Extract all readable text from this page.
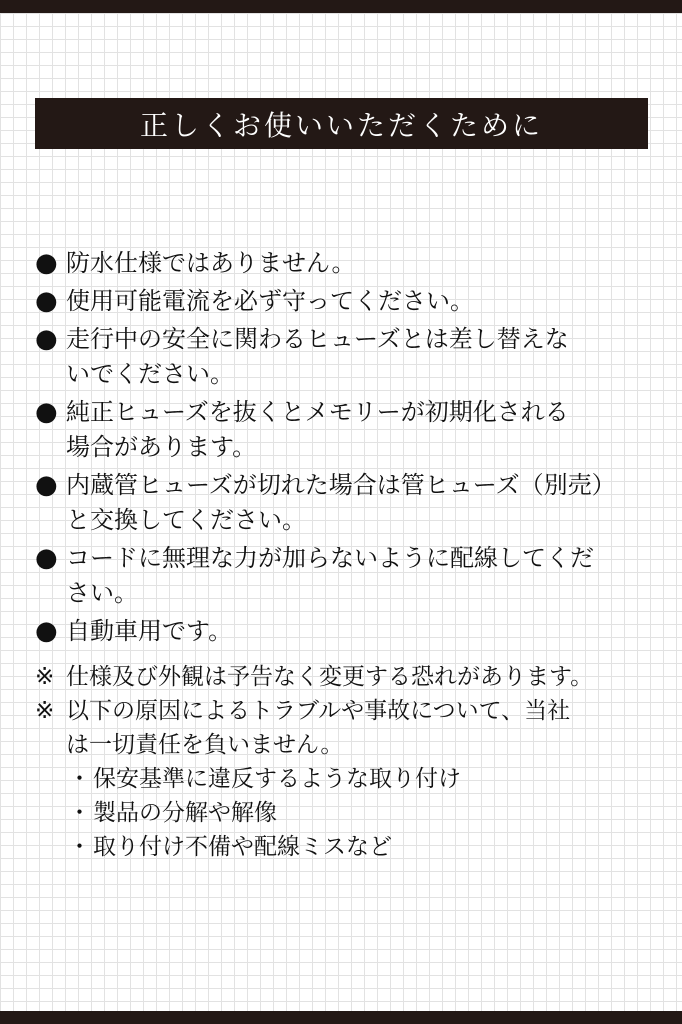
正しくお使いいただくために
● 防水仕様ではありません。
● 使用可能電流を必ず守ってください。
● 走行中の安全に関わるヒューズとは差し替えな
いでください。
● 純正ヒューズを抜くとメモリーが初期化される
場合があります。
● 内蔵管ヒューズが切れた場合は管ヒューズ（別売）
と交換してください。
● コードに無理な力が加らないように配線してくだ
さい。
● 自動車用です。
※ 仕様及び外観は予告なく変更する恐れがあります。
※ 以下の原因によるトラブルや事故について、当社
は一切責任を負いません。
・ 保安基準に違反するような取り付け
・ 製品の分解や解像
・ 取り付け不備や配線ミスなど
